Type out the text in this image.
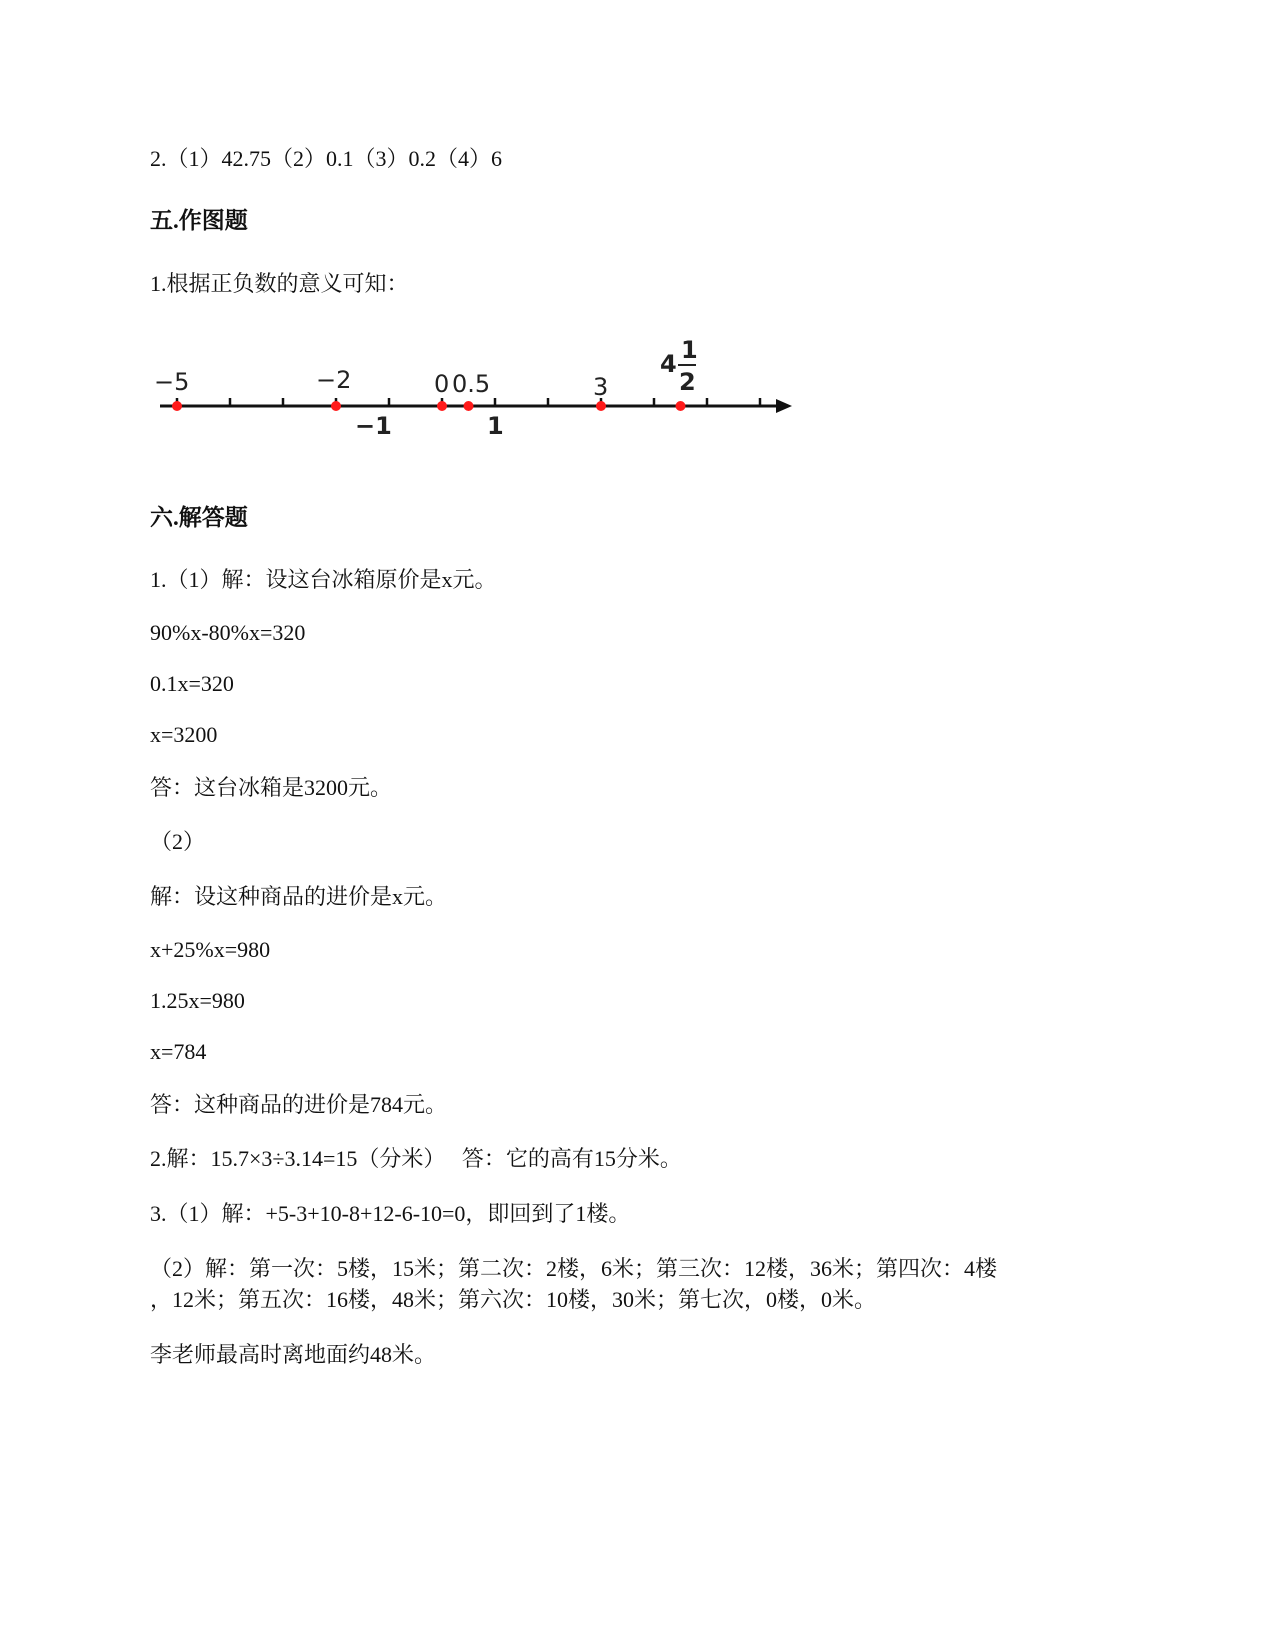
2.（1）42.75（2）0.1（3）0.2（4）6
五.作图题
1.根据正负数的意义可知：
−5	−2	0 0.5	3
−1	1
4 1
2
六.解答题
1.（1）解：设这台冰箱原价是x元。
90%x-80%x=320
0.1x=320
x=3200
答：这台冰箱是3200元。
（2）
解：设这种商品的进价是x元。
x+25%x=980
1.25x=980
x=784
答：这种商品的进价是784元。
2.解：15.7×3÷3.14=15（分米）　 答：它的高有15分米。
3.（1）解：+5-3+10-8+12-6-10=0，即回到了1楼。
（2）解：第一次：5楼，15米；第二次：2楼，6米；第三次：12楼，36米；第四次：4楼
，12米；第五次：16楼，48米；第六次：10楼，30米；第七次，0楼，0米。
李老师最高时离地面约48米。
